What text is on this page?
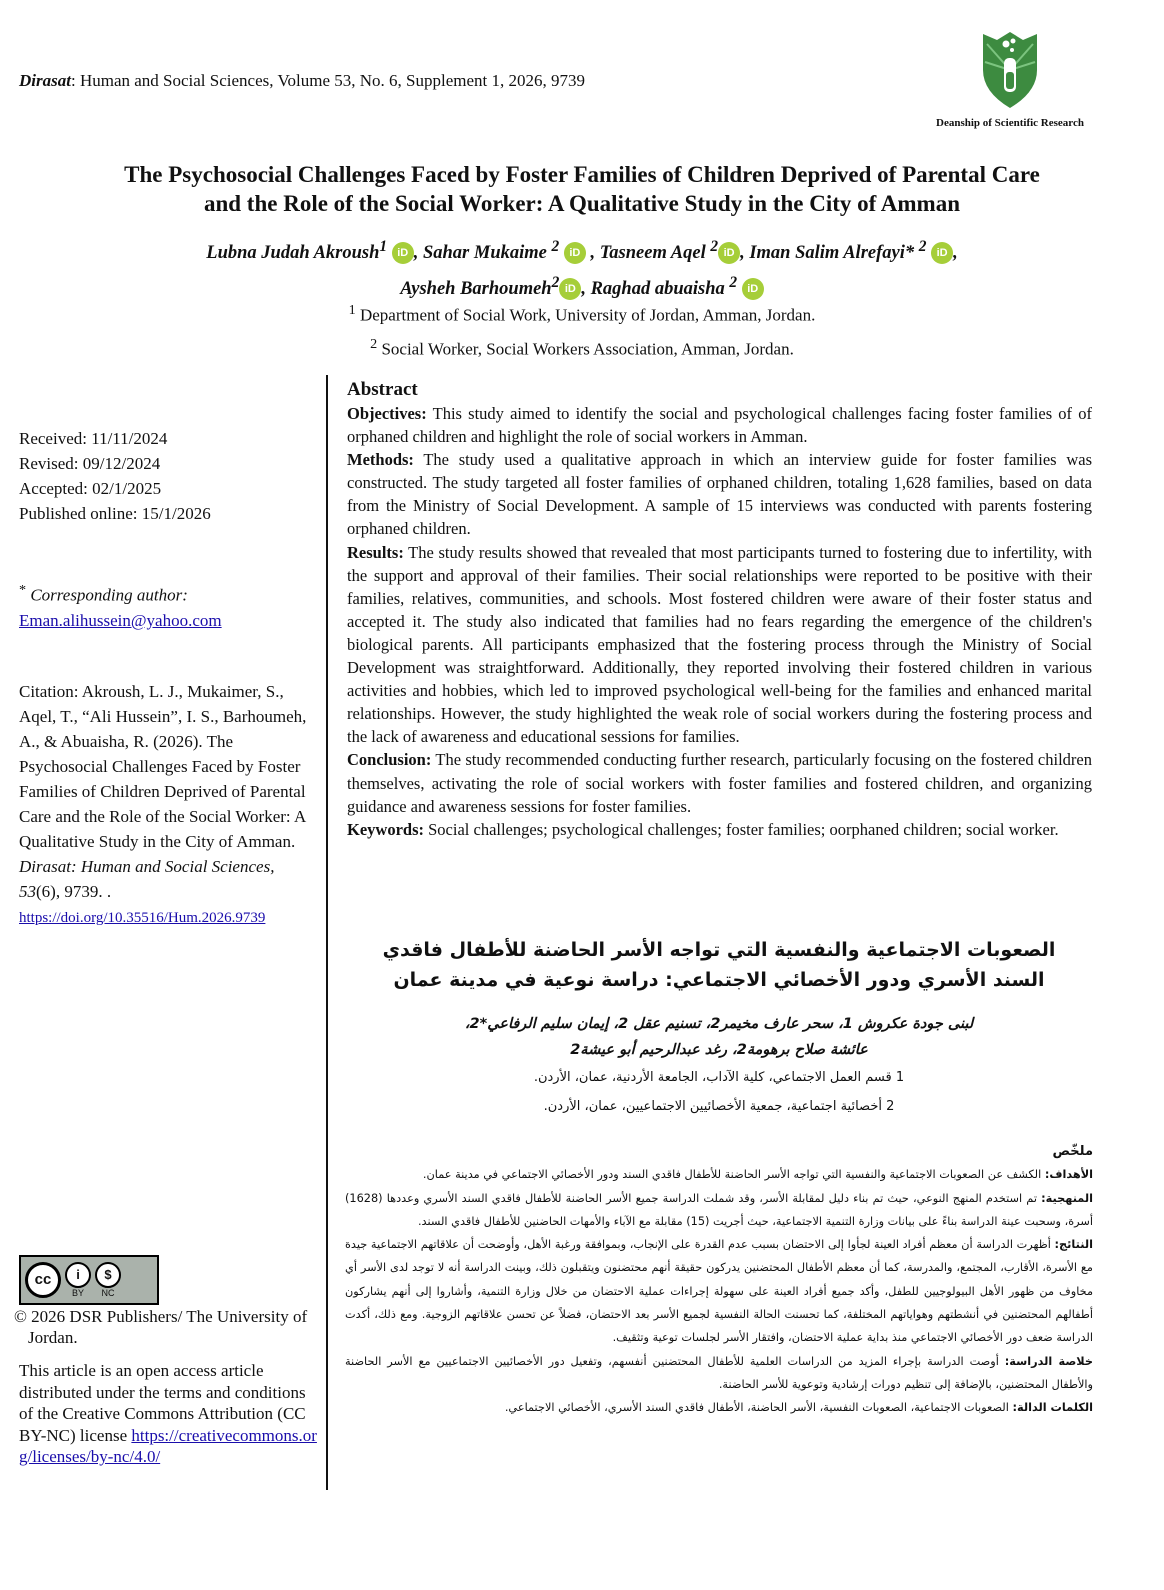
Dirasat: Human and Social Sciences, Volume 53, No. 6, Supplement 1, 2026, 9739
Deanship of Scientific Research
The Psychosocial Challenges Faced by Foster Families of Children Deprived of Parental Care
and the Role of the Social Worker: A Qualitative Study in the City of Amman
Lubna Judah Akroush$^1$ iD , Sahar Mukaime $^2$ iD , Tasneem Aqel $^2$ iD , Iman Salim Alrefayi* $^2$ iD ,
Aysheh Barhoumeh$^2$ iD , Raghad abuaisha $^2$ iD
$^1$ Department of Social Work, University of Jordan, Amman, Jordan.
$^2$ Social Worker, Social Workers Association, Amman, Jordan.
Received: 11/11/2024
Revised: 09/12/2024
Accepted: 02/1/2025
Published online: 15/1/2026
* Corresponding author:
Eman.alihussein@yahoo.com
Citation: Akroush, L. J., Mukaimer, S., Aqel, T., “Ali Hussein”, I. S., Barhoumeh, A., & Abuaisha, R. (2026). The Psychosocial Challenges Faced by Foster Families of Children Deprived of Parental Care and the Role of the Social Worker: A Qualitative Study in the City of Amman. Dirasat: Human and Social Sciences, 53(6), 9739. .
https://doi.org/10.35516/Hum.2026.9739
cc	i
BY
$
NC
© 2026 DSR Publishers/ The University of Jordan.
This article is an open access article distributed under the terms and conditions of the Creative Commons Attribution (CC BY-NC) license https://creativecommons.org/licenses/by-nc/4.0/
Abstract

Objectives: This study aimed to identify the social and psychological challenges facing foster families of of orphaned children and highlight the role of social workers in Amman.

Methods: The study used a qualitative approach in which an interview guide for foster families was constructed. The study targeted all foster families of orphaned children, totaling 1,628 families, based on data from the Ministry of Social Development. A sample of 15 interviews was conducted with parents fostering orphaned children.

Results: The study results showed that revealed that most participants turned to fostering due to infertility, with the support and approval of their families. Their social relationships were reported to be positive with their families, relatives, communities, and schools. Most fostered children were aware of their foster status and accepted it. The study also indicated that families had no fears regarding the emergence of the children's biological parents. All participants emphasized that the fostering process through the Ministry of Social Development was straightforward. Additionally, they reported involving their fostered children in various activities and hobbies, which led to improved psychological well-being for the families and enhanced marital relationships. However, the study highlighted the weak role of social workers during the fostering process and the lack of awareness and educational sessions for families.

Conclusion: The study recommended conducting further research, particularly focusing on the fostered children themselves, activating the role of social workers with foster families and fostered children, and organizing guidance and awareness sessions for foster families.

Keywords: Social challenges; psychological challenges; foster families; oorphaned children; social worker.

الصعوبات الاجتماعية والنفسية التي تواجه الأسر الحاضنة للأطفال فاقدي السند الأسري ودور الأخصائي الاجتماعي: دراسة نوعية في مدينة عمان
لبنى جودة عكروش 1، سحر عارف مخيمر2، تسنيم عقل 2، إيمان سليم الرفاعي*2،
عائشة صلاح برهومة2، رغد عبدالرحيم أبو عيشة2
1 قسم العمل الاجتماعي، كلية الآداب، الجامعة الأردنية، عمان، الأردن.
2 أخصائية اجتماعية، جمعية الأخصائيين الاجتماعيين، عمان، الأردن.
ملخّص

الأهداف: الكشف عن الصعوبات الاجتماعية والنفسية التي تواجه الأسر الحاضنة للأطفال فاقدي السند ودور الأخصائي الاجتماعي في مدينة عمان.

المنهجية: تم استخدم المنهج النوعي، حيث تم بناء دليل لمقابلة الأسر، وقد شملت الدراسة جميع الأسر الحاضنة للأطفال فاقدي السند الأسري وعددها (1628) أسرة، وسحبت عينة الدراسة بناءً على بيانات وزارة التنمية الاجتماعية، حيث أجريت (15) مقابلة مع الآباء والأمهات الحاضنين للأطفال فاقدي السند.

النتائج: أظهرت الدراسة أن معظم أفراد العينة لجأوا إلى الاحتضان بسبب عدم القدرة على الإنجاب، وبموافقة ورغبة الأهل، وأوضحت أن علاقاتهم الاجتماعية جيدة مع الأسرة، الأقارب، المجتمع، والمدرسة، كما أن معظم الأطفال المحتضنين يدركون حقيقة أنهم محتضنون ويتقبلون ذلك، وبينت الدراسة أنه لا توجد لدى الأسر أي مخاوف من ظهور الأهل البيولوجيين للطفل، وأكد جميع أفراد العينة على سهولة إجراءات عملية الاحتضان من خلال وزارة التنمية، وأشاروا إلى أنهم يشاركون أطفالهم المحتضنين في أنشطتهم وهواياتهم المختلفة، كما تحسنت الحالة النفسية لجميع الأسر بعد الاحتضان، فضلاً عن تحسن علاقاتهم الزوجية. ومع ذلك، أكدت الدراسة ضعف دور الأخصائي الاجتماعي منذ بداية عملية الاحتضان، وافتقار الأسر لجلسات توعية وتثقيف.

خلاصة الدراسة: أوصت الدراسة بإجراء المزيد من الدراسات العلمية للأطفال المحتضنين أنفسهم، وتفعيل دور الأخصائيين الاجتماعيين مع الأسر الحاضنة والأطفال المحتضنين، بالإضافة إلى تنظيم دورات إرشادية وتوعوية للأسر الحاضنة.

الكلمات الدالة: الصعوبات الاجتماعية، الصعوبات النفسية، الأسر الحاضنة، الأطفال فاقدي السند الأسري، الأخصائي الاجتماعي.
